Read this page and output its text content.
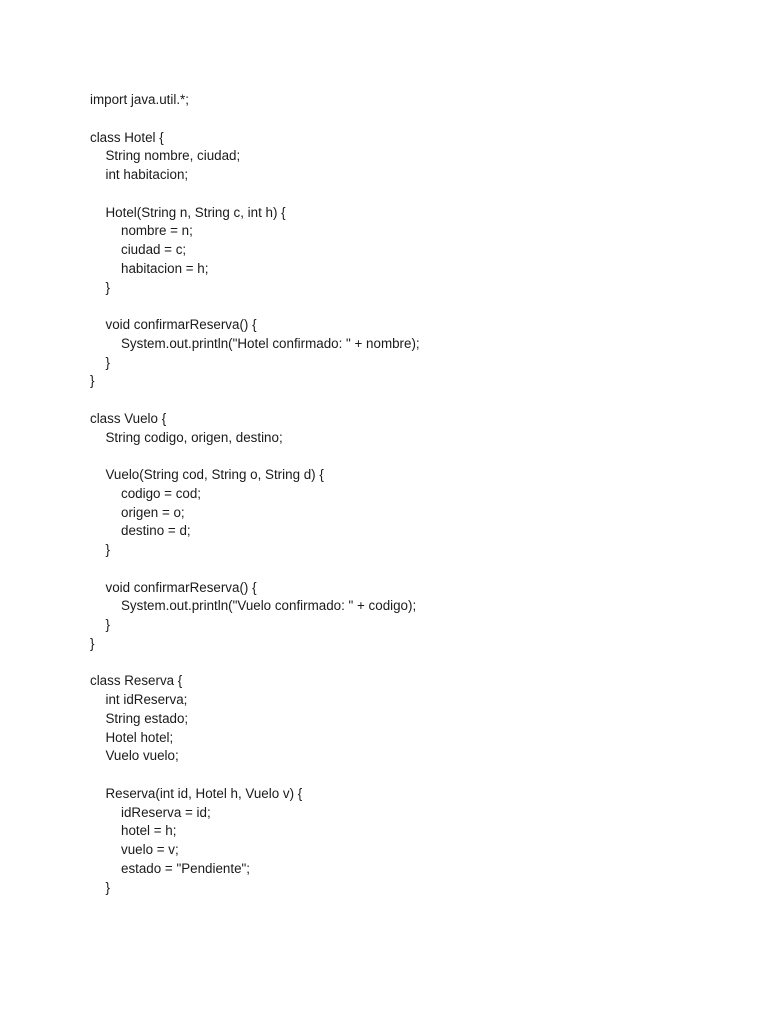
import java.util.*;
class Hotel {
String nombre, ciudad;
int habitacion;
Hotel(String n, String c, int h) {
nombre = n;
ciudad = c;
habitacion = h;
}
void confirmarReserva() {
System.out.println("Hotel confirmado: " + nombre);
}
}
class Vuelo {
String codigo, origen, destino;
Vuelo(String cod, String o, String d) {
codigo = cod;
origen = o;
destino = d;
}
void confirmarReserva() {
System.out.println("Vuelo confirmado: " + codigo);
}
}
class Reserva {
int idReserva;
String estado;
Hotel hotel;
Vuelo vuelo;
Reserva(int id, Hotel h, Vuelo v) {
idReserva = id;
hotel = h;
vuelo = v;
estado = "Pendiente";
}
